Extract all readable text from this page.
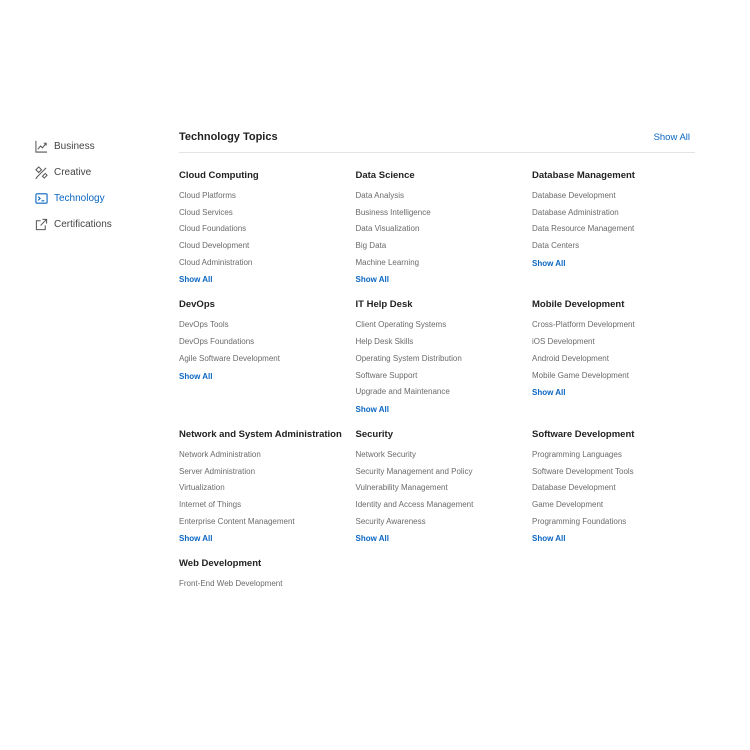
Business
Creative
Technology
Certifications
Technology Topics	Show All
Cloud Computing
Cloud Platforms
Cloud Services
Cloud Foundations
Cloud Development
Cloud Administration
Show All
Data Science
Data Analysis
Business Intelligence
Data Visualization
Big Data
Machine Learning
Show All
Database Management
Database Development
Database Administration
Data Resource Management
Data Centers
Show All
DevOps
DevOps Tools
DevOps Foundations
Agile Software Development
Show All
IT Help Desk
Client Operating Systems
Help Desk Skills
Operating System Distribution
Software Support
Upgrade and Maintenance
Show All
Mobile Development
Cross-Platform Development
iOS Development
Android Development
Mobile Game Development
Show All
Network and System Administration
Network Administration
Server Administration
Virtualization
Internet of Things
Enterprise Content Management
Show All
Security
Network Security
Security Management and Policy
Vulnerability Management
Identity and Access Management
Security Awareness
Show All
Software Development
Programming Languages
Software Development Tools
Database Development
Game Development
Programming Foundations
Show All
Web Development
Front-End Web Development
